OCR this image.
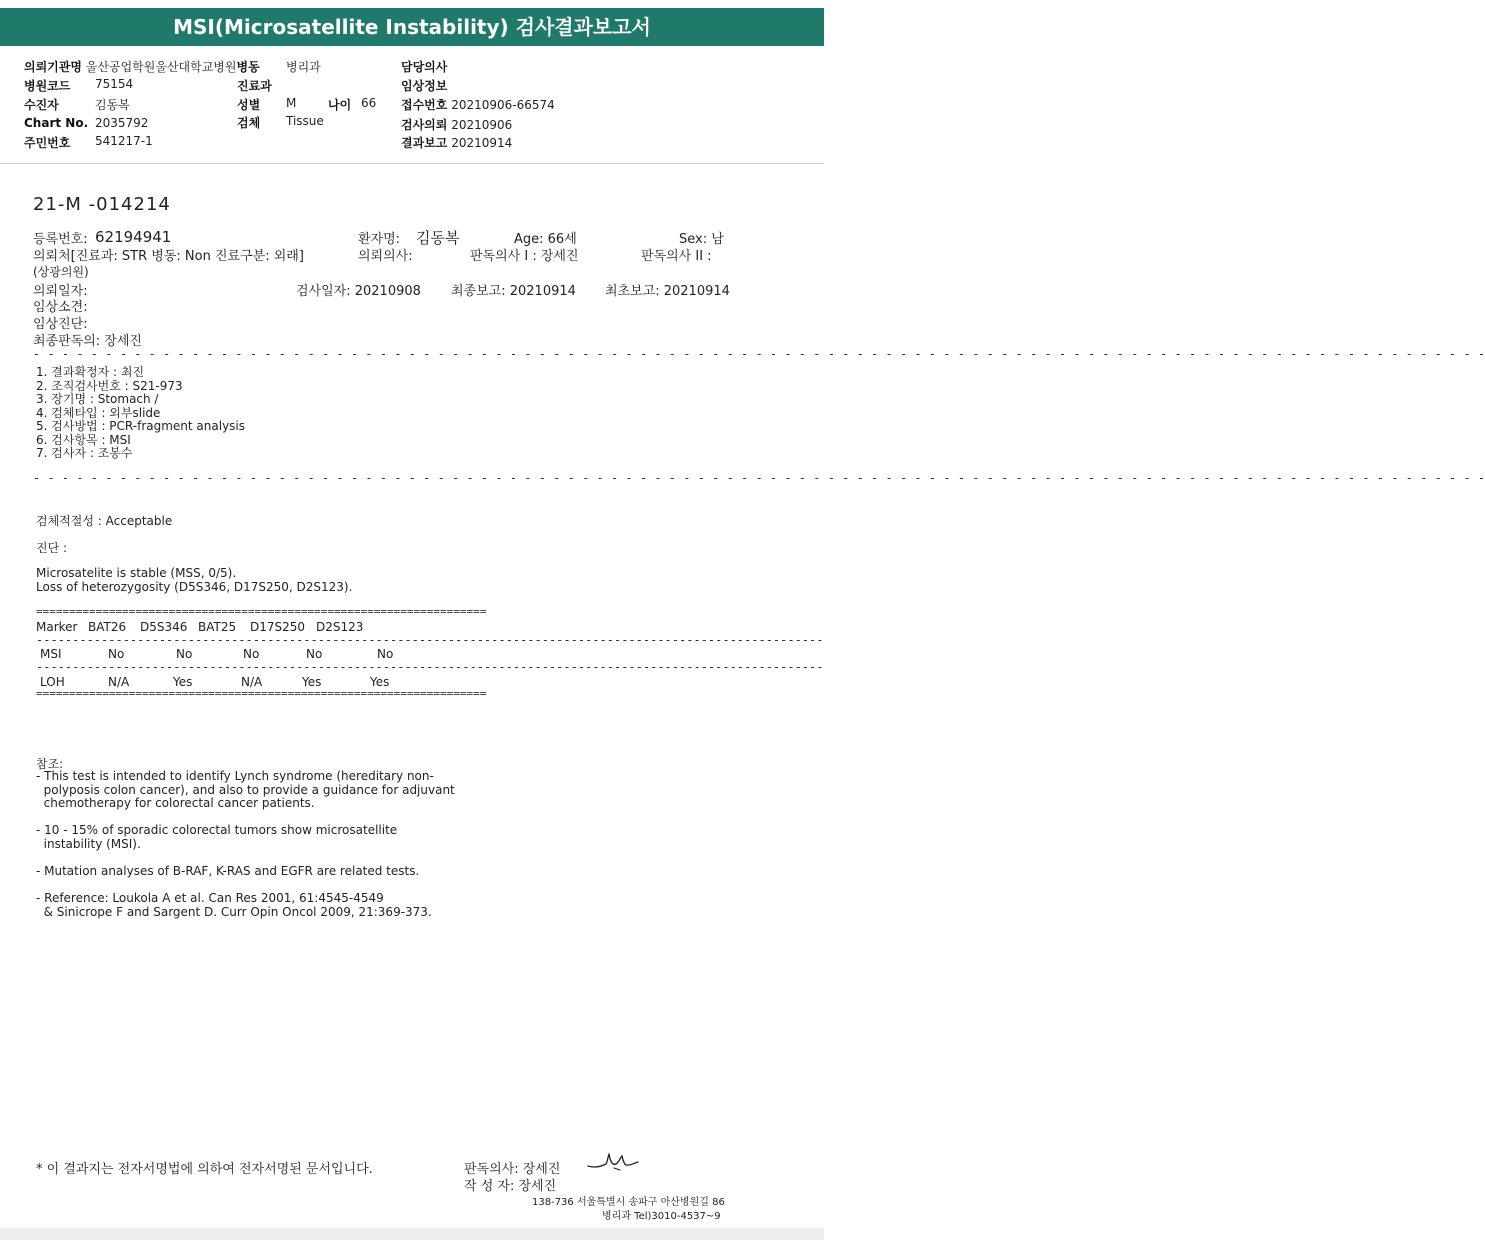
MSI(Microsatellite Instability) 검사결과보고서
의뢰기관명 울산공업학원울산대학교병원병동 병리과	담당의사
병원코드 75154	진료과	임상정보
수진자	김동복	성별 M	나이 66 접수번호 20210906-66574
Chart No. 2035792	검체 Tissue	검사의뢰 20210906
주민번호 541217-1	결과보고 20210914
21-M -014214
등록번호: 62194941	환자명: 김동복	Age: 66세	Sex: 남
의뢰처[진료과: STR 병동: Non 진료구분: 외래]	의뢰의사:	판독의사 I : 장세진	판독의사 II :
(상광의원)
의뢰일자:	검사일자: 20210908 최종보고: 20210914 최초보고: 20210914
임상소견:
임상진단:
최종판독의: 장세진
- - - - - - - - - - - - - - - - - - - - - - - - - - - - - - - - - - - - - - - - - - - - - - - - - - - - - - - - - - - - - - - - - - - - - - - - - - - - - - - - - - - - - - - - - - - - - - - - - - - - -
1. 결과확정자 : 최진
2. 조직검사번호 : S21-973
3. 장기명 : Stomach /
4. 검체타입 : 외부slide
5. 검사방법 : PCR-fragment analysis
6. 검사항목 : MSI
7. 검사자 : 조봉수
- - - - - - - - - - - - - - - - - - - - - - - - - - - - - - - - - - - - - - - - - - - - - - - - - - - - - - - - - - - - - - - - - - - - - - - - - - - - - - - - - - - - - - - - - - - - - - - - - - - - -
검체적절성 : Acceptable
진단 :
Microsatelite is stable (MSS, 0/5).
Loss of heterozygosity (D5S346, D17S250, D2S123).
====================================================================
Marker BAT26 D5S346 BAT25 D17S250 D2S123
-------------------------------------------------------------------------------------------------------------
MSI	No	No	No	No	No
-------------------------------------------------------------------------------------------------------------
LOH	N/A	Yes	N/A	Yes	Yes
====================================================================
참조:
- This test is intended to identify Lynch syndrome (hereditary non-
polyposis colon cancer), and also to provide a guidance for adjuvant
chemotherapy for colorectal cancer patients.
- 10 - 15% of sporadic colorectal tumors show microsatellite
instability (MSI).
- Mutation analyses of B-RAF, K-RAS and EGFR are related tests.
- Reference: Loukola A et al. Can Res 2001, 61:4545-4549
& Sinicrope F and Sargent D. Curr Opin Oncol 2009, 21:369-373.
* 이 결과지는 전자서명법에 의하여 전자서명된 문서입니다.	판독의사: 장세진
작 성 자: 장세진
138-736 서울특별시 송파구 아산병원길 86
병리과 Tel)3010-4537~9
